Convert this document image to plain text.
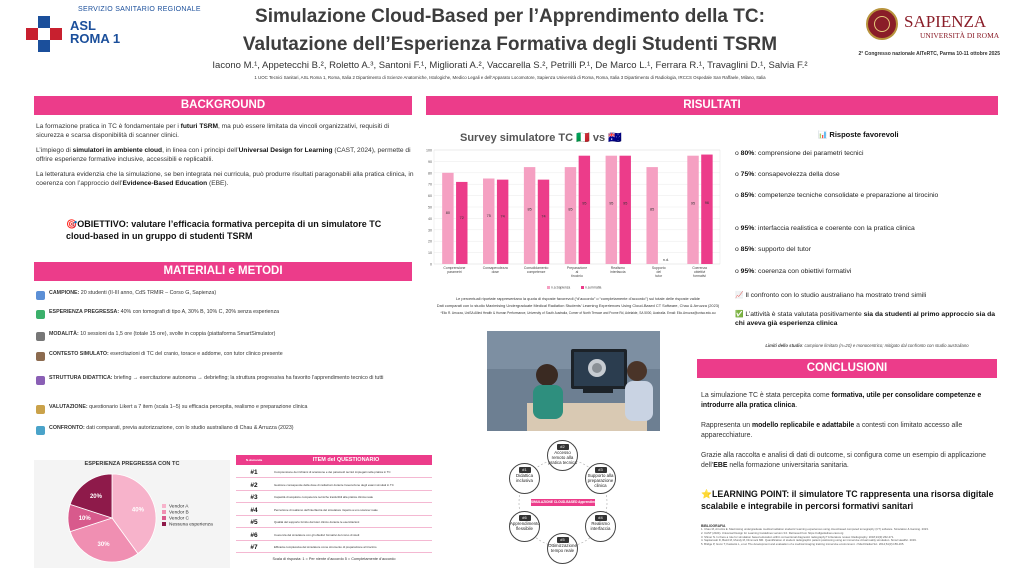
SERVIZIO SANITARIO REGIONALE
ASL
ROMA 1
Simulazione Cloud-Based per l’Apprendimento della TC:
Valutazione dell’Esperienza Formativa degli Studenti TSRM
Iacono M.¹, Appetecchi B.², Roletto A.³, Santoni F.¹, Migliorati A.², Vaccarella S.², Petrilli P.¹, De Marco L.¹, Ferrara R.¹, Travaglini D.¹, Salvia F.²
1 UOC Tecnici Sanitari, ASL Roma 1, Roma, Italia 2 Dipartimento di Scienze Anatomiche, Istologiche, Medico Legali e dell’Apparato Locomotore, Sapienza Università di Roma, Roma, Italia 3 Dipartimento di Radiologia, IRCCS Ospedale San Raffaele, Milano, Italia
SAPIENZA
UNIVERSITÀ DI ROMA
2° Congresso nazionale AITeRTC, Parma 10-11 ottobre 2025
BACKGROUND
La formazione pratica in TC è fondamentale per i futuri TSRM, ma può essere limitata da vincoli organizzativi, requisiti di sicurezza e scarsa disponibilità di scanner clinici.
L’impiego di simulatori in ambiente cloud, in linea con i principi dell’Universal Design for Learning (CAST, 2024), permette di offrire esperienze formative inclusive, accessibili e replicabili.
La letteratura evidenzia che la simulazione, se ben integrata nei curricula, può produrre risultati paragonabili alla pratica clinica, in coerenza con l’approccio dell’Evidence-Based Education (EBE).
🎯OBIETTIVO: valutare l’efficacia formativa percepita di un simulatore TC cloud-based in un gruppo di studenti TSRM
MATERIALI e METODI
CAMPIONE: 20 studenti (II-III anno, CdS TRMIR – Corso G, Sapienza)
ESPERIENZA PREGRESSA: 40% con tomografi di tipo A, 30% B, 10% C, 20% senza esperienza
MODALITÀ: 10 sessioni da 1,5 ore (totale 15 ore), svolte in coppia (piattaforma SmartSimulator)
CONTESTO SIMULATO: esercitazioni di TC del cranio, torace e addome, con tutor clinico presente
STRUTTURA DIDATTICA: briefing → esercitazione autonoma → debriefing; la struttura progressiva ha favorito l’apprendimento tecnico di tutti
VALUTAZIONE: questionario Likert a 7 item (scala 1–5) su efficacia percepita, realismo e preparazione clinica
CONFRONTO: dati comparati, previa autorizzazione, con lo studio australiano di Chau & Arruzza (2023)
ESPERIENZA PREGRESSA CON TC
40%
30%
10%
20%
Vendor A
Vendor B
Vendor C
Nessuna esperienza
N.domanda	ITEM del QUESTIONARIO
#1	Comprensione dei richiami di scansione e dei parametri tecnici impiegati nella pratica in TC
#2	Gestione consapevole della dose di radiazioni durante l’esecuzione degli esami simulati in TC
#3	Capacità di acquisire competenze tecniche trasferibili alla pratica clinica reale
#4	Percezione di realismo dell’interfaccia del simulatore rispetto a uno scanner reale
#5	Qualità del supporto fornito dal tutor clinico durante le esercitazioni
#6	Coerenza del simulatore con gli obiettivi formativi del corso di studi
#7	Efficacia complessiva del simulatore come strumento di preparazione al tirocinio
Scala di risposta: 1 = Per niente d’accordo 5 = Completamente d’accordo
RISULTATI
Survey simulatore TC 🇮🇹 vs 🇦🇺
0
10
20
30
40
50
60
70
80
90
100
80
72
Comprensione
parametri
75	74
Consapevolezza
dose
85
74
Consolidamento
competenze
85
95
Preparazione
al
tirocinio
95	95
Realismo
interfaccia
85
n.d.
Supporto
del
tutor
95	96
Coerenza
obiettivi
formativi
n.a.Sapienza	n.a.mmatia
Le percentuali riportate rappresentano la quota di risposte favorevoli (“d’accordo” o “completamente d’accordo”) sul totale delle risposte valide
Dati comparati con lo studio Maximising Undergraduate Medical Radiation Students’ Learning Experiences Using Cloud-Based CT Software, Chau & Arruzza (2023)
*Elio R. Arruzza, UniSA Allied Health & Human Performance, University of South Australia, Corner of North Terrace and Frome Rd, Adelaide, SA 5000, Australia. Email: Elio.Arruzza@unisa.edu.au
📊 Risposte favorevoli
o 80%: comprensione dei parametri tecnici
o 75%: consapevolezza della dose
o 85%: competenze tecniche consolidate e preparazione al tirocinio
o 95%: interfaccia realistica e coerente con la pratica clinica
o 85%: supporto del tutor
o 95%: coerenza con obiettivi formativi
📈 Il confronto con lo studio australiano ha mostrato trend simili
✅ L’attività è stata valutata positivamente sia da studenti al primo approccio sia da chi aveva già esperienza clinica
Limiti dello studio: campione limitato (n=20) e monocentrico; mitigato dal confronto con studio australiano
#1
Didattica inclusiva
#2
Accesso remoto alla pratica tecnica
#3
Supporto alla preparazione clinica
#4
Realismo interfaccia
#5
Ottimizzazione tempo reale
#6
Apprendimento flessibile
SIMULAZIONE CLOUD-BASED Apprendimento TC
CONCLUSIONI
La simulazione TC è stata percepita come formativa, utile per consolidare competenze e introdurre alla pratica clinica.
Rappresenta un modello replicabile e adattabile a contesti con limitato accesso alle apparecchiature.
Grazie alla raccolta e analisi di dati di outcome, si configura come un esempio di applicazione dell’EBE nella formazione universitaria sanitaria.
⭐LEARNING POINT: il simulatore TC rappresenta una risorsa digitale scalabile e integrabile in percorsi formativi sanitari
BIBLIOGRAFIA
1. Chau M, Arruzza E. Maximising undergraduate medical radiation students’ learning experiences using cloud-based computed tomography (CT) software. Simulation & Gaming. 2023.
2. CAST (2024). Universal Design for Learning Guidelines version 3.0. Retrieved from https://udlguidelines.cast.org
3. Shiner N. Is there a role for simulation based education within conventional diagnostic radiography? A literature review. Radiography. 2018;24(3):262-271.
4. Sapkaroski D, Baird M, Mundy M, Dimmock MR. Quantification of student radiographic patient positioning using an immersive virtual reality simulation. Simul Healthc. 2019.
5. Bridge P, Gunn T, Kastanis L, et al. The development and evaluation of a medical imaging training immersive environment. J Med Radiat Sci. 2014;61(3):159-165.
